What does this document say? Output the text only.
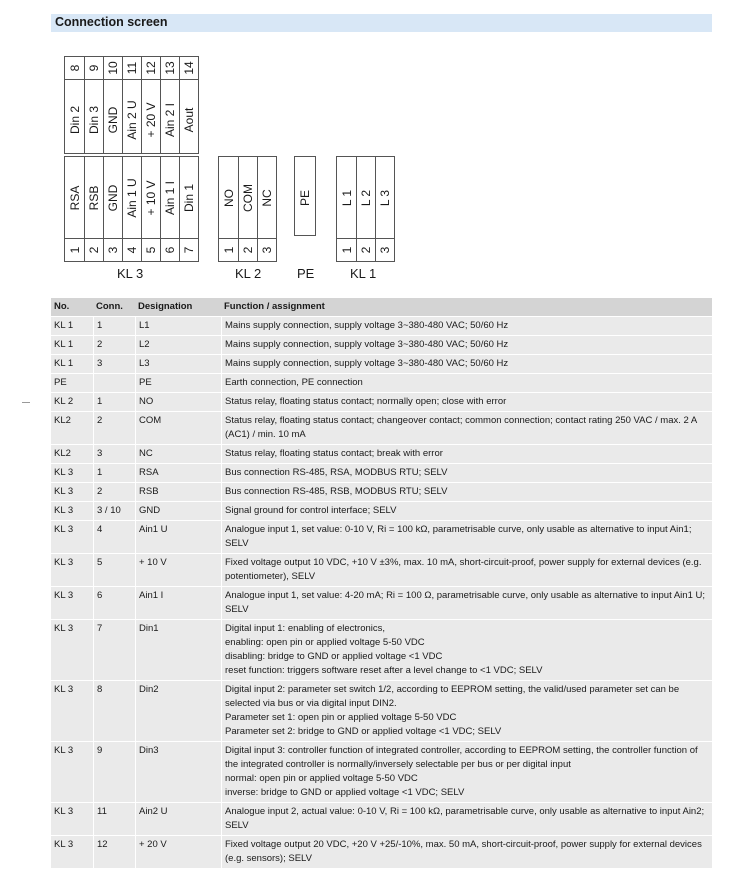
Connection screen
Din 2
8
Din 3
9
GND
10
Ain 2 U
11
+ 20 V
12
Ain 2 I
13
Aout
14
RSA
1
RSB
2
GND
3
Ain 1 U
4
+ 10 V
5
Ain 1 I
6
Din 1
7
NO
1
COM
2
NC
3
PE L 1
1
L 2
2
L 3
3
KL 3	KL 2	PE	KL 1
No.	Conn.	Designation	Function / assignment
KL 1	1	L1	Mains supply connection, supply voltage 3~380-480 VAC; 50/60 Hz
KL 1	2	L2	Mains supply connection, supply voltage 3~380-480 VAC; 50/60 Hz
KL 1	3	L3	Mains supply connection, supply voltage 3~380-480 VAC; 50/60 Hz
PE		PE	Earth connection, PE connection
KL 2	1	NO	Status relay, floating status contact; normally open; close with error
KL2	2	COM	Status relay, floating status contact; changeover contact; common connection; contact rating 250 VAC / max. 2 A (AC1) / min. 10 mA
KL2	3	NC	Status relay, floating status contact; break with error
KL 3	1	RSA	Bus connection RS-485, RSA, MODBUS RTU; SELV
KL 3	2	RSB	Bus connection RS-485, RSB, MODBUS RTU; SELV
KL 3	3 / 10	GND	Signal ground for control interface; SELV
KL 3	4	Ain1 U	Analogue input 1, set value: 0-10 V, Ri = 100 kΩ, parametrisable curve, only usable as alternative to input Ain1; SELV
KL 3	5	+ 10 V	Fixed voltage output 10 VDC, +10 V ±3%, max. 10 mA, short-circuit-proof, power supply for external devices (e.g. potentiometer), SELV
KL 3	6	Ain1 I	Analogue input 1, set value: 4-20 mA; Ri = 100 Ω, parametrisable curve, only usable as alternative to input Ain1 U; SELV
KL 3	7	Din1	Digital input 1: enabling of electronics,
enabling: open pin or applied voltage 5-50 VDC
disabling: bridge to GND or applied voltage <1 VDC
reset function: triggers software reset after a level change to <1 VDC; SELV
KL 3	8	Din2	Digital input 2: parameter set switch 1/2, according to EEPROM setting, the valid/used parameter set can be selected via bus or via digital input DIN2.
Parameter set 1: open pin or applied voltage 5-50 VDC
Parameter set 2: bridge to GND or applied voltage <1 VDC; SELV
KL 3	9	Din3	Digital input 3: controller function of integrated controller, according to EEPROM setting, the controller function of the integrated controller is normally/inversely selectable per bus or per digital input
normal: open pin or applied voltage 5-50 VDC
inverse: bridge to GND or applied voltage <1 VDC; SELV
KL 3	11	Ain2 U	Analogue input 2, actual value: 0-10 V, Ri = 100 kΩ, parametrisable curve, only usable as alternative to input Ain2; SELV
KL 3	12	+ 20 V	Fixed voltage output 20 VDC, +20 V +25/-10%, max. 50 mA, short-circuit-proof, power supply for external devices (e.g. sensors); SELV
